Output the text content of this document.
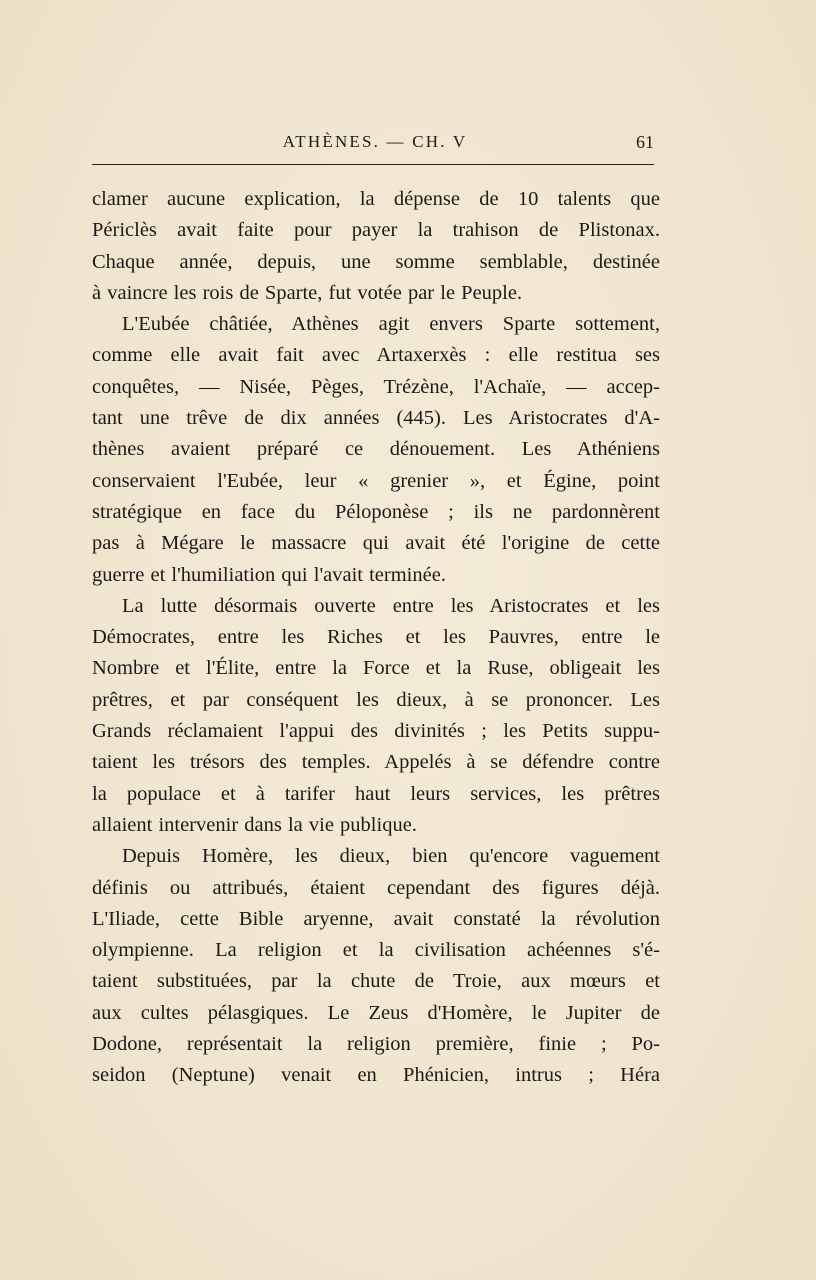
ATHÈNES. — CH. V	61
clamer aucune explication, la dépense de 10 talents que
Périclès avait faite pour payer la trahison de Plistonax.
Chaque année, depuis, une somme semblable, destinée
à vaincre les rois de Sparte, fut votée par le Peuple.
L'Eubée châtiée, Athènes agit envers Sparte sottement,
comme elle avait fait avec Artaxerxès : elle restitua ses
conquêtes, — Nisée, Pèges, Trézène, l'Achaïe, — accep-
tant une trêve de dix années (445). Les Aristocrates d'A-
thènes avaient préparé ce dénouement. Les Athéniens
conservaient l'Eubée, leur « grenier », et Égine, point
stratégique en face du Péloponèse ; ils ne pardonnèrent
pas à Mégare le massacre qui avait été l'origine de cette
guerre et l'humiliation qui l'avait terminée.
La lutte désormais ouverte entre les Aristocrates et les
Démocrates, entre les Riches et les Pauvres, entre le
Nombre et l'Élite, entre la Force et la Ruse, obligeait les
prêtres, et par conséquent les dieux, à se prononcer. Les
Grands réclamaient l'appui des divinités ; les Petits suppu-
taient les trésors des temples. Appelés à se défendre contre
la populace et à tarifer haut leurs services, les prêtres
allaient intervenir dans la vie publique.
Depuis Homère, les dieux, bien qu'encore vaguement
définis ou attribués, étaient cependant des figures déjà.
L'Iliade, cette Bible aryenne, avait constaté la révolution
olympienne. La religion et la civilisation achéennes s'é-
taient substituées, par la chute de Troie, aux mœurs et
aux cultes pélasgiques. Le Zeus d'Homère, le Jupiter de
Dodone, représentait la religion première, finie ; Po-
seidon (Neptune) venait en Phénicien, intrus ; Héra
